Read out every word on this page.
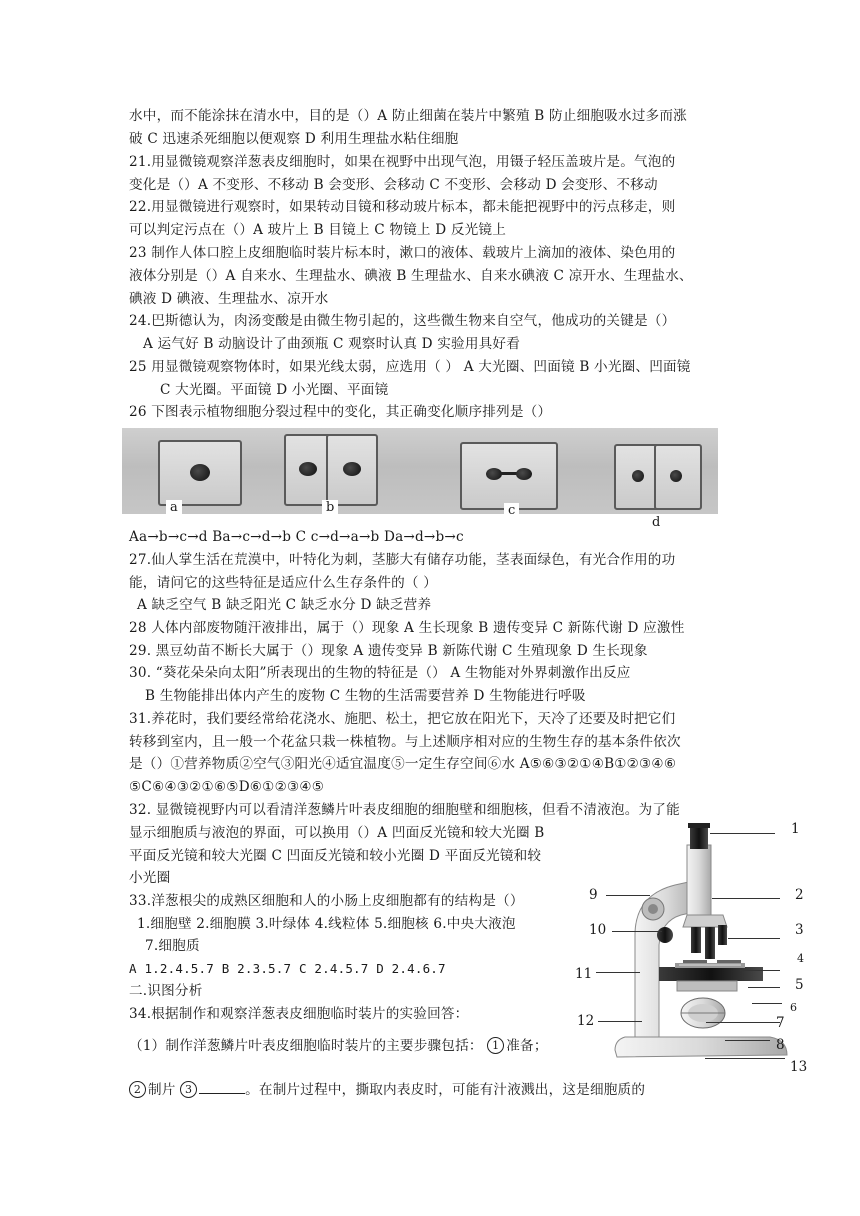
水中，而不能涂抹在清水中，目的是（）A 防止细菌在装片中繁殖 B 防止细胞吸水过多而涨
破 C 迅速杀死细胞以便观察 D 利用生理盐水粘住细胞
21.用显微镜观察洋葱表皮细胞时，如果在视野中出现气泡，用镊子轻压盖玻片是。气泡的
变化是（）A 不变形、不移动 B 会变形、会移动 C 不变形、会移动 D 会变形、不移动
22.用显微镜进行观察时，如果转动目镜和移动玻片标本，都未能把视野中的污点移走，则
可以判定污点在（）A 玻片上 B 目镜上 C 物镜上 D 反光镜上
23 制作人体口腔上皮细胞临时装片标本时，漱口的液体、载玻片上滴加的液体、染色用的
液体分别是（）A 自来水、生理盐水、碘液 B 生理盐水、自来水碘液 C 凉开水、生理盐水、
碘液 D 碘液、生理盐水、凉开水
24.巴斯德认为，肉汤变酸是由微生物引起的，这些微生物来自空气，他成功的关键是（）
A 运气好 B 动脑设计了曲颈瓶 C 观察时认真 D 实验用具好看
25 用显微镜观察物体时，如果光线太弱，应选用（ ） A 大光圈、凹面镜 B 小光圈、凹面镜
C 大光圈。平面镜 D 小光圈、平面镜
26 下图表示植物细胞分裂过程中的变化，其正确变化顺序排列是（）
a	b	c
d
Aa→b→c→d Ba→c→d→b C c→d→a→b Da→d→b→c
27.仙人掌生活在荒漠中，叶特化为刺，茎膨大有储存功能，茎表面绿色，有光合作用的功
能，请问它的这些特征是适应什么生存条件的（ ）
A 缺乏空气 B 缺乏阳光 C 缺乏水分 D 缺乏营养
28 人体内部废物随汗液排出，属于（）现象 A 生长现象 B 遗传变异 C 新陈代谢 D 应激性
29. 黑豆幼苗不断长大属于（）现象 A 遗传变异 B 新陈代谢 C 生殖现象 D 生长现象
30. “葵花朵朵向太阳”所表现出的生物的特征是（） A 生物能对外界刺激作出反应
B 生物能排出体内产生的废物 C 生物的生活需要营养 D 生物能进行呼吸
31.养花时，我们要经常给花浇水、施肥、松土，把它放在阳光下，天冷了还要及时把它们
转移到室内，且一般一个花盆只栽一株植物。与上述顺序相对应的生物生存的基本条件依次
是（）①营养物质②空气③阳光④适宜温度⑤一定生存空间⑥水 A⑤⑥③②①④B①②③④⑥
⑤C⑥④③②①⑥⑤D⑥①②③④⑤
32. 显微镜视野内可以看清洋葱鳞片叶表皮细胞的细胞壁和细胞核，但看不清液泡。为了能
显示细胞质与液泡的界面，可以换用（）A 凹面反光镜和较大光圈 B
平面反光镜和较大光圈 C 凹面反光镜和较小光圈 D 平面反光镜和较
小光圈
33.洋葱根尖的成熟区细胞和人的小肠上皮细胞都有的结构是（）
1.细胞壁 2.细胞膜 3.叶绿体 4.线粒体 5.细胞核 6.中央大液泡
7.细胞质
A 1.2.4.5.7 B 2.3.5.7 C 2.4.5.7 D 2.4.6.7
二.识图分析
34.根据制作和观察洋葱表皮细胞临时装片的实验回答：
（1）制作洋葱鳞片叶表皮细胞临时装片的主要步骤包括： 1 准备；
2 制片 3	。在制片过程中，撕取内表皮时，可能有汁液溅出，这是细胞质的
1
2
3
4
5
6
7
8
9
10
11
12
13
